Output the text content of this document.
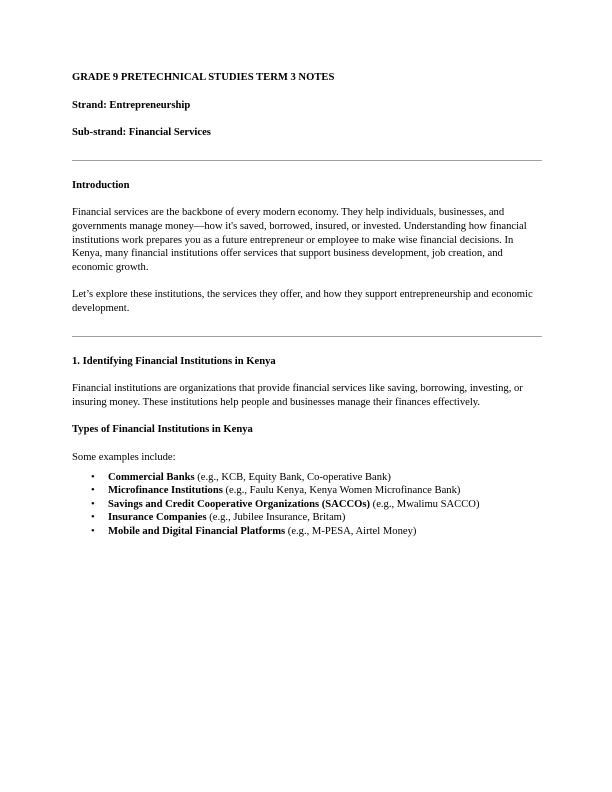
GRADE 9 PRETECHNICAL STUDIES TERM 3 NOTES

Strand: Entrepreneurship

Sub-strand: Financial Services

Introduction

Financial services are the backbone of every modern economy. They help individuals, businesses, and governments manage money—how it's saved, borrowed, insured, or invested. Understanding how financial institutions work prepares you as a future entrepreneur or employee to make wise financial decisions. In Kenya, many financial institutions offer services that support business development, job creation, and economic growth.

Let’s explore these institutions, the services they offer, and how they support entrepreneurship and economic development.

1. Identifying Financial Institutions in Kenya

Financial institutions are organizations that provide financial services like saving, borrowing, investing, or insuring money. These institutions help people and businesses manage their finances effectively.

Types of Financial Institutions in Kenya

Some examples include:

• Commercial Banks (e.g., KCB, Equity Bank, Co-operative Bank)
• Microfinance Institutions (e.g., Faulu Kenya, Kenya Women Microfinance Bank)
• Savings and Credit Cooperative Organizations (SACCOs) (e.g., Mwalimu SACCO)
• Insurance Companies (e.g., Jubilee Insurance, Britam)
• Mobile and Digital Financial Platforms (e.g., M-PESA, Airtel Money)
